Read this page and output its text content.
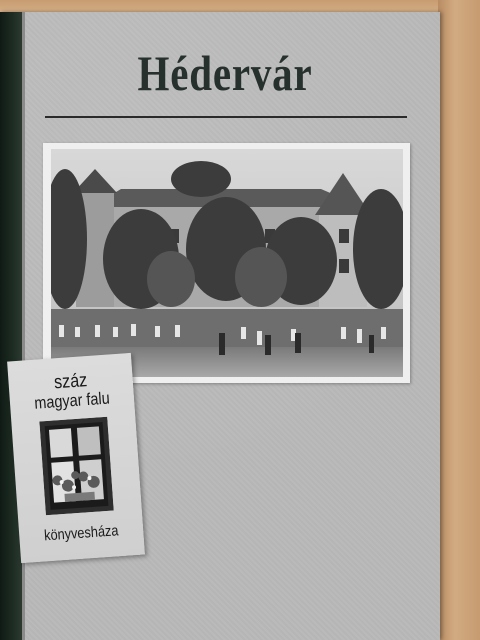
Hédervár
száz
magyar falu
könyvesháza
